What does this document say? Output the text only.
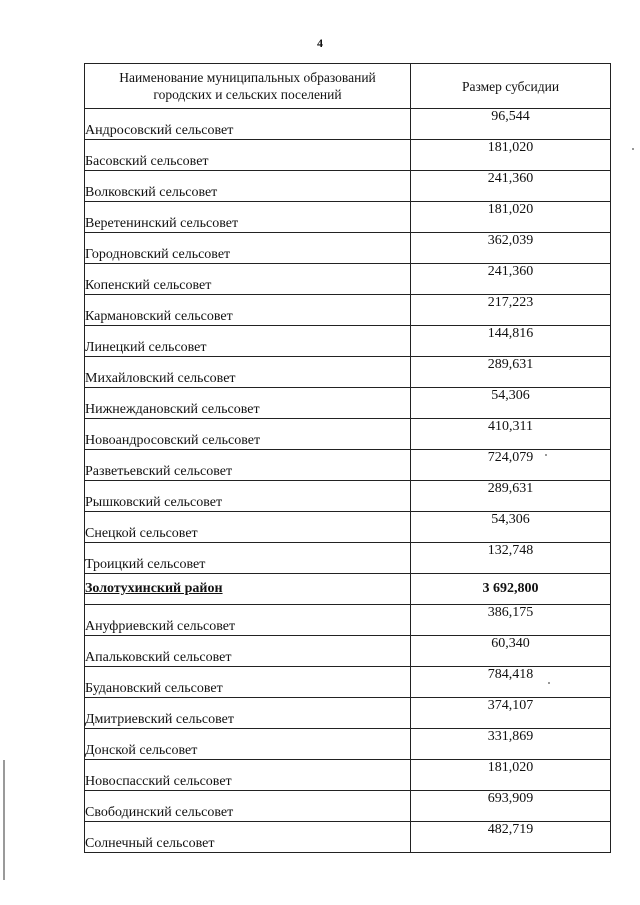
4
Наименование муниципальных образований городских и сельских поселений	Размер субсидии
Андросовский сельсовет	96,544
Басовский сельсовет	181,020
Волковский сельсовет	241,360
Веретенинский сельсовет	181,020
Городновский сельсовет	362,039
Копенский сельсовет	241,360
Кармановский сельсовет	217,223
Линецкий сельсовет	144,816
Михайловский сельсовет	289,631
Нижнеждановский сельсовет	54,306
Новоандросовский сельсовет	410,311
Разветьевский сельсовет	724,079
Рышковский сельсовет	289,631
Снецкой сельсовет	54,306
Троицкий сельсовет	132,748
Золотухинский район	3 692,800
Ануфриевский сельсовет	386,175
Апальковский сельсовет	60,340
Будановский сельсовет	784,418
Дмитриевский сельсовет	374,107
Донской сельсовет	331,869
Новоспасский сельсовет	181,020
Свободинский сельсовет	693,909
Солнечный сельсовет	482,719
